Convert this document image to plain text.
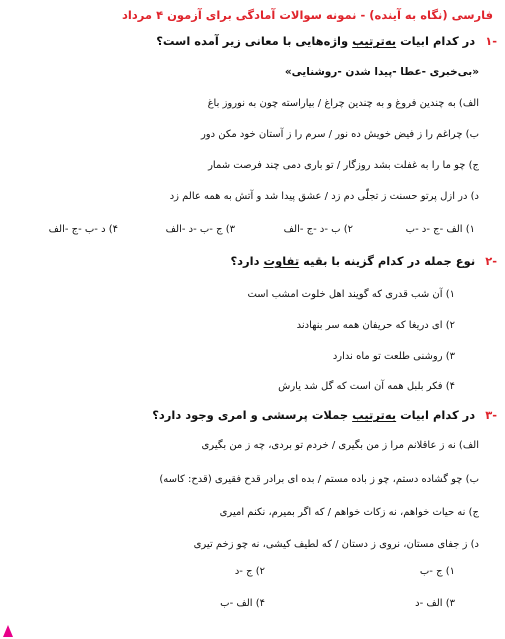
فارسی (نگاه به آینده) - نمونه سوالات آمادگی برای آزمون ۴ مرداد
-۱ در کدام ابیات به‌ترتیب واژه‌هایی با معانی زیر آمده است؟
«بی‌خبری -عطا -پیدا شدن -روشنایی»
الف) به چندین فروغ و به چندین چراغ / بیاراسته چون به نوروز باغ
ب) چراغم را ز فیض خویش ده نور / سرم را ز آستان خود مکن دور
ج) چو ما را به غفلت بشد روزگار / تو باری دمی چند فرصت شمار
د) در ازل پرتو حسنت ز تجلّی دم زد / عشق پیدا شد و آتش به همه عالم زد
۱) الف -ج -د -ب
۲) ب -د -ج -الف
۳) ج -ب -د -الف
۴) د -ب -ج -الف
-۲ نوع جمله در کدام گزینه با بقیه تفاوت دارد؟
۱) آن شب قدری که گویند اهل خلوت امشب است
۲) ای دریغا که حریفان همه سر بنهادند
۳) روشنی طلعت تو ماه ندارد
۴) فکر بلبل همه آن است که گل شد یارش
-۳ در کدام ابیات به‌ترتیب جملات پرسشی و امری وجود دارد؟
الف) نه ز عاقلانم مرا ز من بگیری / خردم تو بردی، چه ز من بگیری
ب) چو گشاده دستم، چو ز باده مستم / بده ای برادر قدح فقیری (قدح: کاسه)
ج) نه حیات خواهم، نه زکات خواهم / که اگر بمیرم، نکنم امیری
د) ز جفای مستان، نروی ز دستان / که لطیف کیشی، نه چو زخم تیری
۱) ج -ب
۲) ج -د
۳) الف -د
۴) الف -ب
